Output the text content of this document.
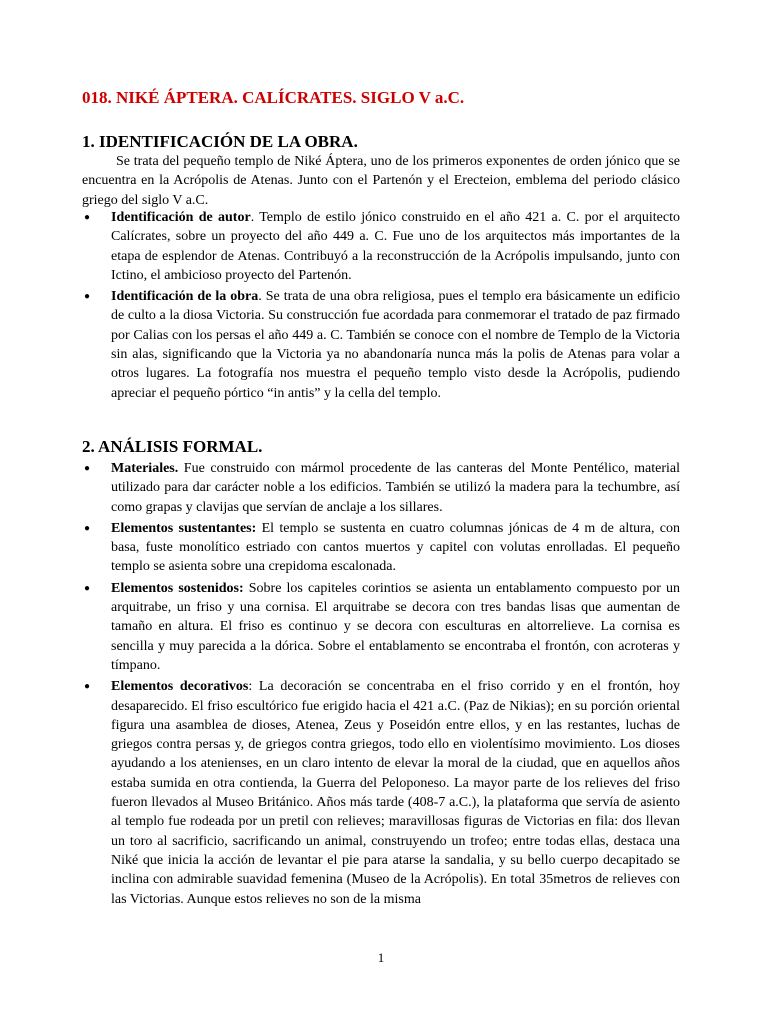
018. NIKÉ ÁPTERA. CALÍCRATES. SIGLO V a.C.
1. IDENTIFICACIÓN DE LA OBRA.

Se trata del pequeño templo de Niké Áptera, uno de los primeros exponentes de orden jónico que se encuentra en la Acrópolis de Atenas. Junto con el Partenón y el Erecteion, emblema del periodo clásico griego del siglo V a.C.

● Identificación de autor. Templo de estilo jónico construido en el año 421 a. C. por el arquitecto Calícrates, sobre un proyecto del año 449 a. C. Fue uno de los arquitectos más importantes de la etapa de esplendor de Atenas. Contribuyó a la reconstrucción de la Acrópolis impulsando, junto con Ictino, el ambicioso proyecto del Partenón.
● Identificación de la obra. Se trata de una obra religiosa, pues el templo era básicamente un edificio de culto a la diosa Victoria. Su construcción fue acordada para conmemorar el tratado de paz firmado por Calias con los persas el año 449 a. C. También se conoce con el nombre de Templo de la Victoria sin alas, significando que la Victoria ya no abandonaría nunca más la polis de Atenas para volar a otros lugares. La fotografía nos muestra el pequeño templo visto desde la Acrópolis, pudiendo apreciar el pequeño pórtico “in antis” y la cella del templo.
2. ANÁLISIS FORMAL.
● Materiales. Fue construido con mármol procedente de las canteras del Monte Pentélico, material utilizado para dar carácter noble a los edificios. También se utilizó la madera para la techumbre, así como grapas y clavijas que servían de anclaje a los sillares.
● Elementos sustentantes: El templo se sustenta en cuatro columnas jónicas de 4 m de altura, con basa, fuste monolítico estriado con cantos muertos y capitel con volutas enrolladas. El pequeño templo se asienta sobre una crepidoma escalonada.
● Elementos sostenidos: Sobre los capiteles corintios se asienta un entablamento compuesto por un arquitrabe, un friso y una cornisa. El arquitrabe se decora con tres bandas lisas que aumentan de tamaño en altura. El friso es continuo y se decora con esculturas en altorrelieve. La cornisa es sencilla y muy parecida a la dórica. Sobre el entablamento se encontraba el frontón, con acroteras y tímpano.
● Elementos decorativos: La decoración se concentraba en el friso corrido y en el frontón, hoy desaparecido. El friso escultórico fue erigido hacia el 421 a.C. (Paz de Nikias); en su porción oriental figura una asamblea de dioses, Atenea, Zeus y Poseidón entre ellos, y en las restantes, luchas de griegos contra persas y, de griegos contra griegos, todo ello en violentísimo movimiento. Los dioses ayudando a los atenienses, en un claro intento de elevar la moral de la ciudad, que en aquellos años estaba sumida en otra contienda, la Guerra del Peloponeso. La mayor parte de los relieves del friso fueron llevados al Museo Británico. Años más tarde (408-7 a.C.), la plataforma que servía de asiento al templo fue rodeada por un pretil con relieves; maravillosas figuras de Victorias en fila: dos llevan un toro al sacrificio, sacrificando un animal, construyendo un trofeo; entre todas ellas, destaca una Niké que inicia la acción de levantar el pie para atarse la sandalia, y su bello cuerpo decapitado se inclina con admirable suavidad femenina (Museo de la Acrópolis). En total 35metros de relieves con las Victorias. Aunque estos relieves no son de la misma
1
